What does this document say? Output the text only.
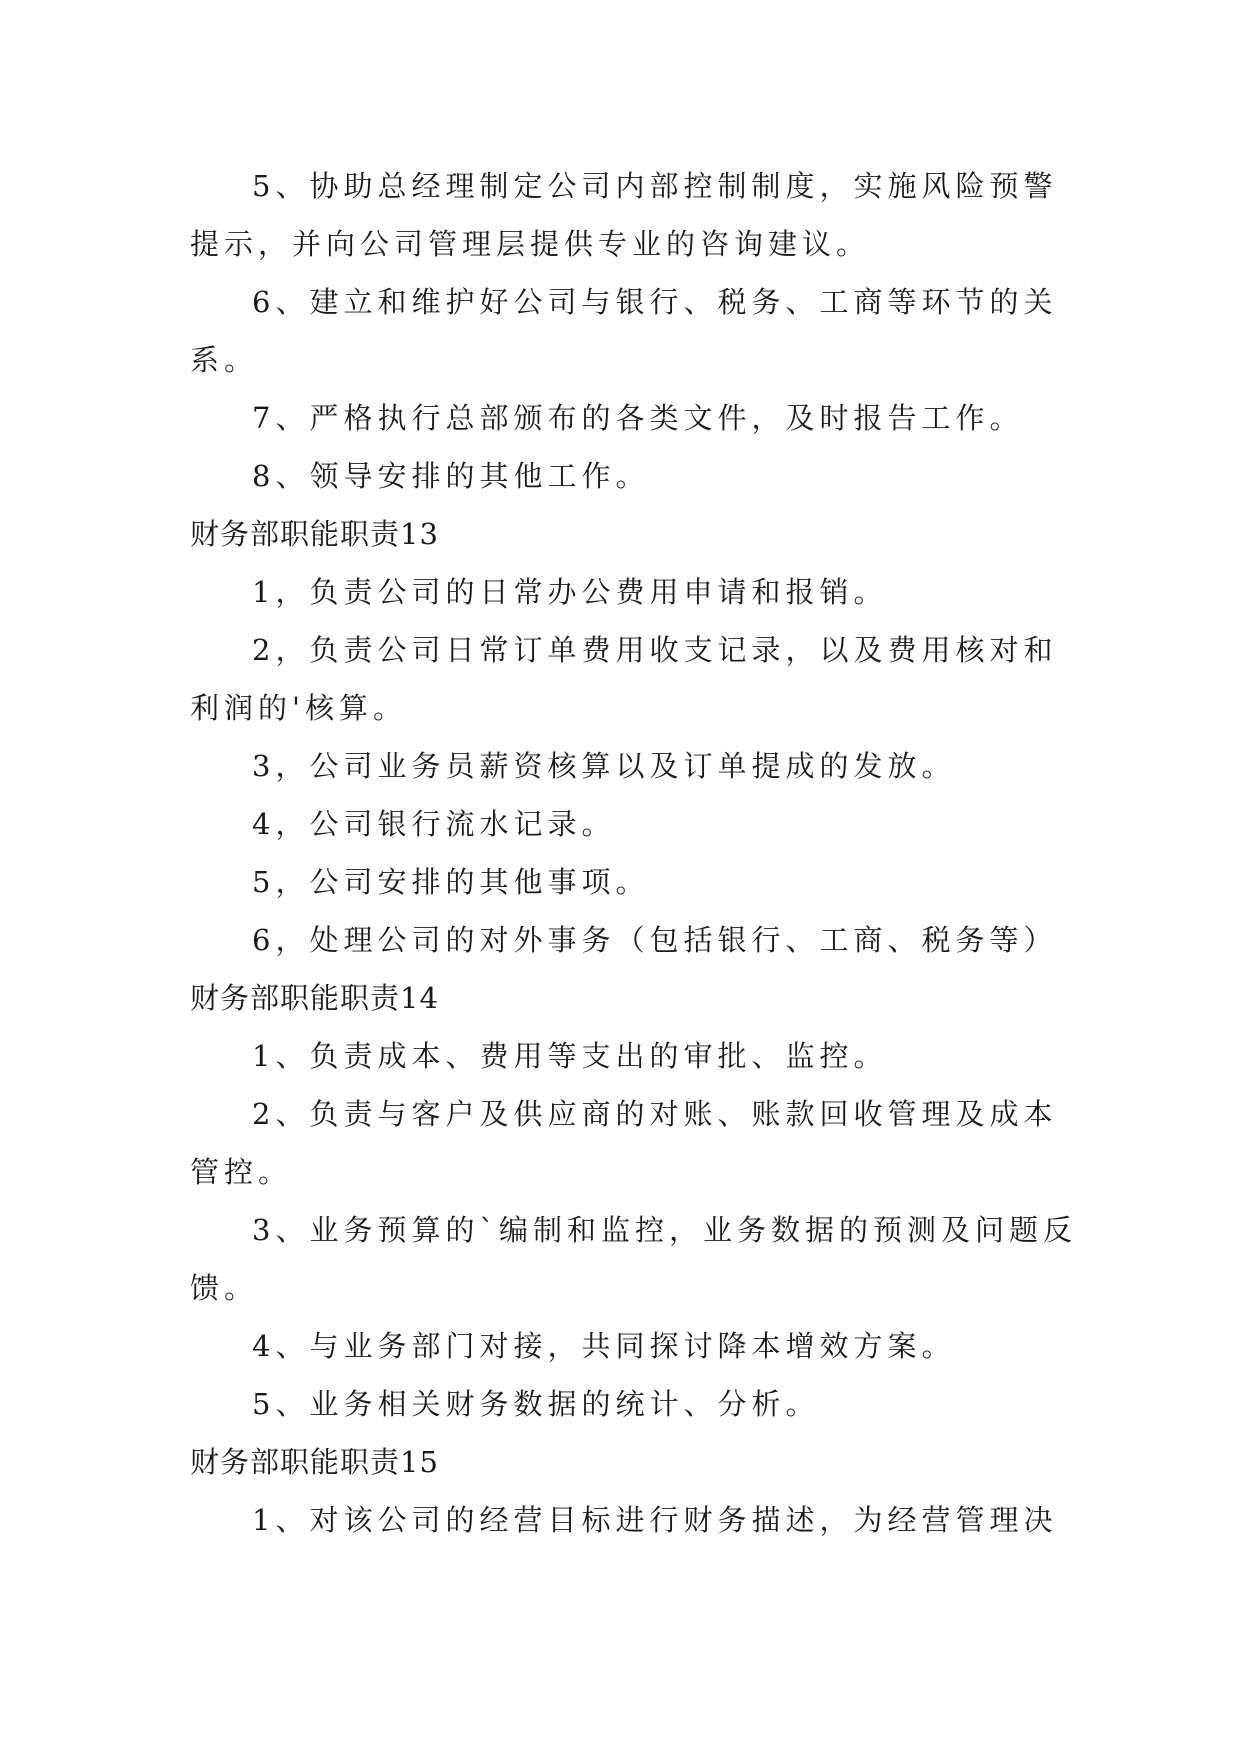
5、协助总经理制定公司内部控制制度，实施风险预警

提示，并向公司管理层提供专业的咨询建议。

6、建立和维护好公司与银行、税务、工商等环节的关

系。

7、严格执行总部颁布的各类文件，及时报告工作。

8、领导安排的其他工作。

财务部职能职责13

1，负责公司的日常办公费用申请和报销。

2，负责公司日常订单费用收支记录，以及费用核对和

利润的'核算。

3，公司业务员薪资核算以及订单提成的发放。

4，公司银行流水记录。

5，公司安排的其他事项。

6，处理公司的对外事务（包括银行、工商、税务等）

财务部职能职责14

1、负责成本、费用等支出的审批、监控。

2、负责与客户及供应商的对账、账款回收管理及成本

管控。

3、业务预算的`编制和监控，业务数据的预测及问题反

馈。

4、与业务部门对接，共同探讨降本增效方案。

5、业务相关财务数据的统计、分析。

财务部职能职责15

1、对该公司的经营目标进行财务描述，为经营管理决
